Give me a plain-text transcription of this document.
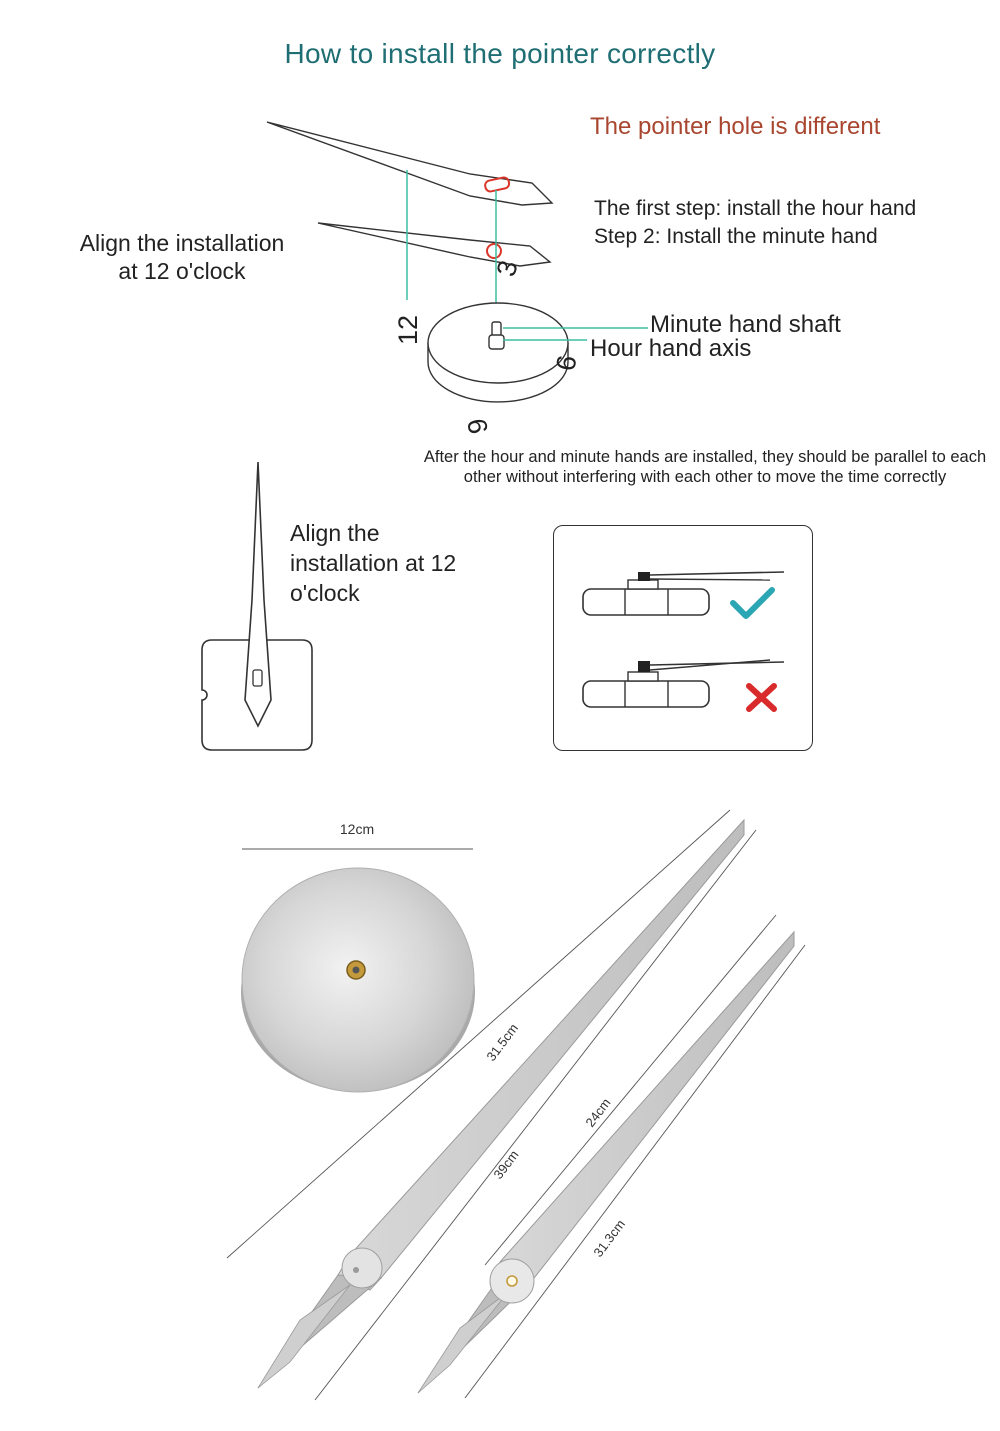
How to install the pointer correctly
The pointer hole is different
The first step: install the hour hand
Step 2: Install the minute hand
Align the installation
at 12 o'clock
Minute hand shaft
Hour hand axis
After the hour and minute hands are installed, they should be parallel to each other without interfering with each other to move the time correctly
Align the
installation at 12
o'clock
12
3
6
9
12cm
31.5cm
39cm
24cm
31.3cm
